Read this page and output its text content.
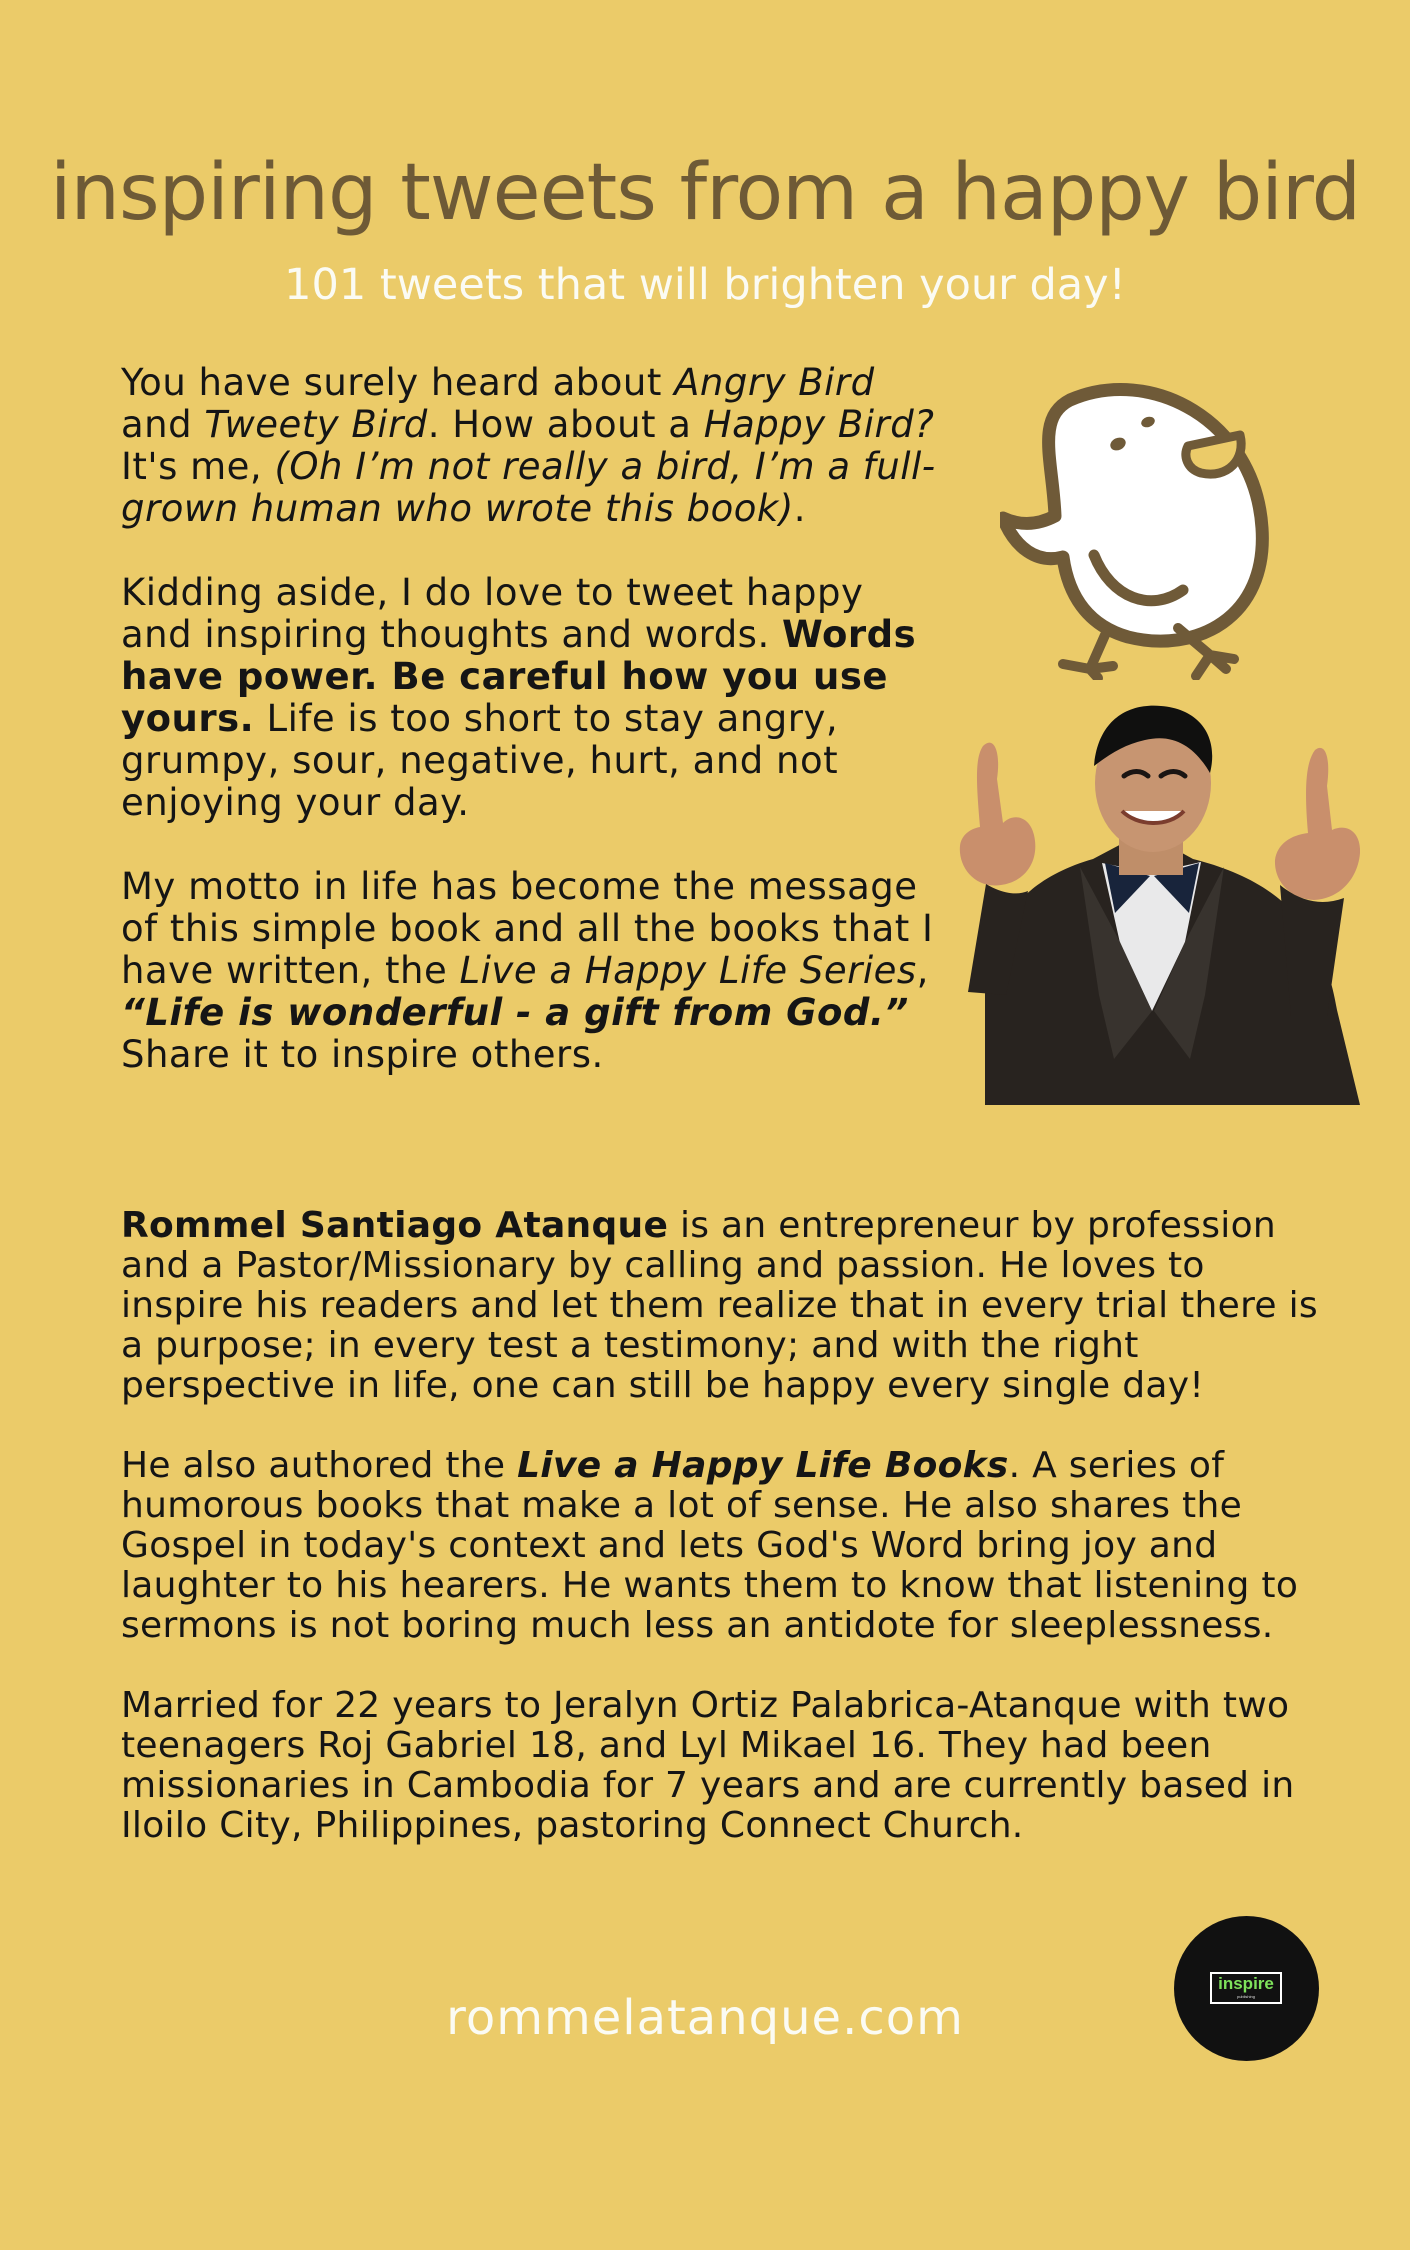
inspiring tweets from a happy bird
101 tweets that will brighten your day!

You have surely heard about Angry Bird and Tweety Bird. How about a Happy Bird? It's me, (Oh I’m not really a bird, I’m a full-grown human who wrote this book).

Kidding aside, I do love to tweet happy and inspiring thoughts and words. Words have power. Be careful how you use yours. Life is too short to stay angry, grumpy, sour, negative, hurt, and not enjoying your day.

My motto in life has become the message of this simple book and all the books that I have written, the Live a Happy Life Series, “Life is wonderful - a gift from God.” Share it to inspire others.

Rommel Santiago Atanque is an entrepreneur by profession and a Pastor/Missionary by calling and passion. He loves to inspire his readers and let them realize that in every trial there is a purpose; in every test a testimony; and with the right perspective in life, one can still be happy every single day!

He also authored the Live a Happy Life Books. A series of humorous books that make a lot of sense. He also shares the Gospel in today's context and lets God's Word bring joy and laughter to his hearers. He wants them to know that listening to sermons is not boring much less an antidote for sleeplessness.

Married for 22 years to Jeralyn Ortiz Palabrica-Atanque with two teenagers Roj Gabriel 18, and Lyl Mikael 16. They had been missionaries in Cambodia for 7 years and are currently based in Iloilo City, Philippines, pastoring Connect Church.

rommelatanque.com
inspire
publishing
